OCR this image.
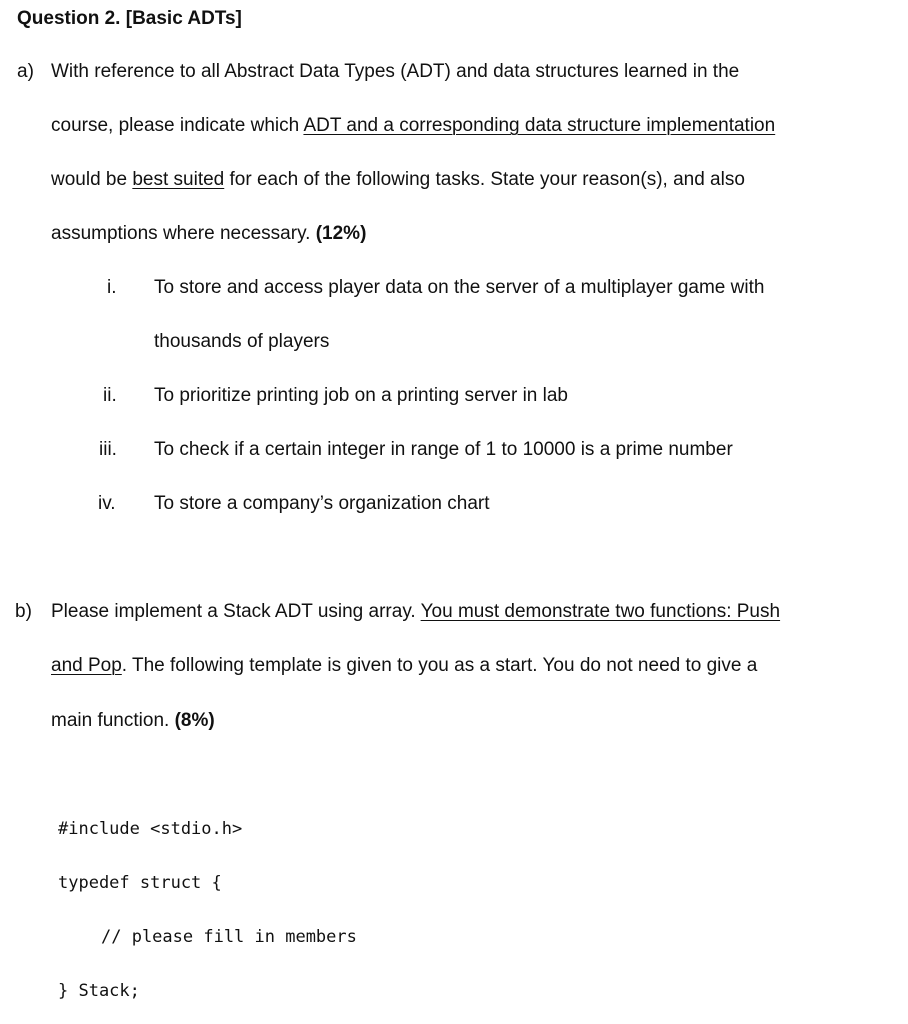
Question 2. [Basic ADTs]
a) With reference to all Abstract Data Types (ADT) and data structures learned in the
course, please indicate which ADT and a corresponding data structure implementation
would be best suited for each of the following tasks. State your reason(s), and also
assumptions where necessary. (12%)
i. To store and access player data on the server of a multiplayer game with
thousands of players
ii. To prioritize printing job on a printing server in lab
iii. To check if a certain integer in range of 1 to 10000 is a prime number
iv. To store a company’s organization chart
b) Please implement a Stack ADT using array. You must demonstrate two functions: Push
and Pop. The following template is given to you as a start. You do not need to give a
main function. (8%)
#include <stdio.h>
typedef struct {
// please fill in members
} Stack;
